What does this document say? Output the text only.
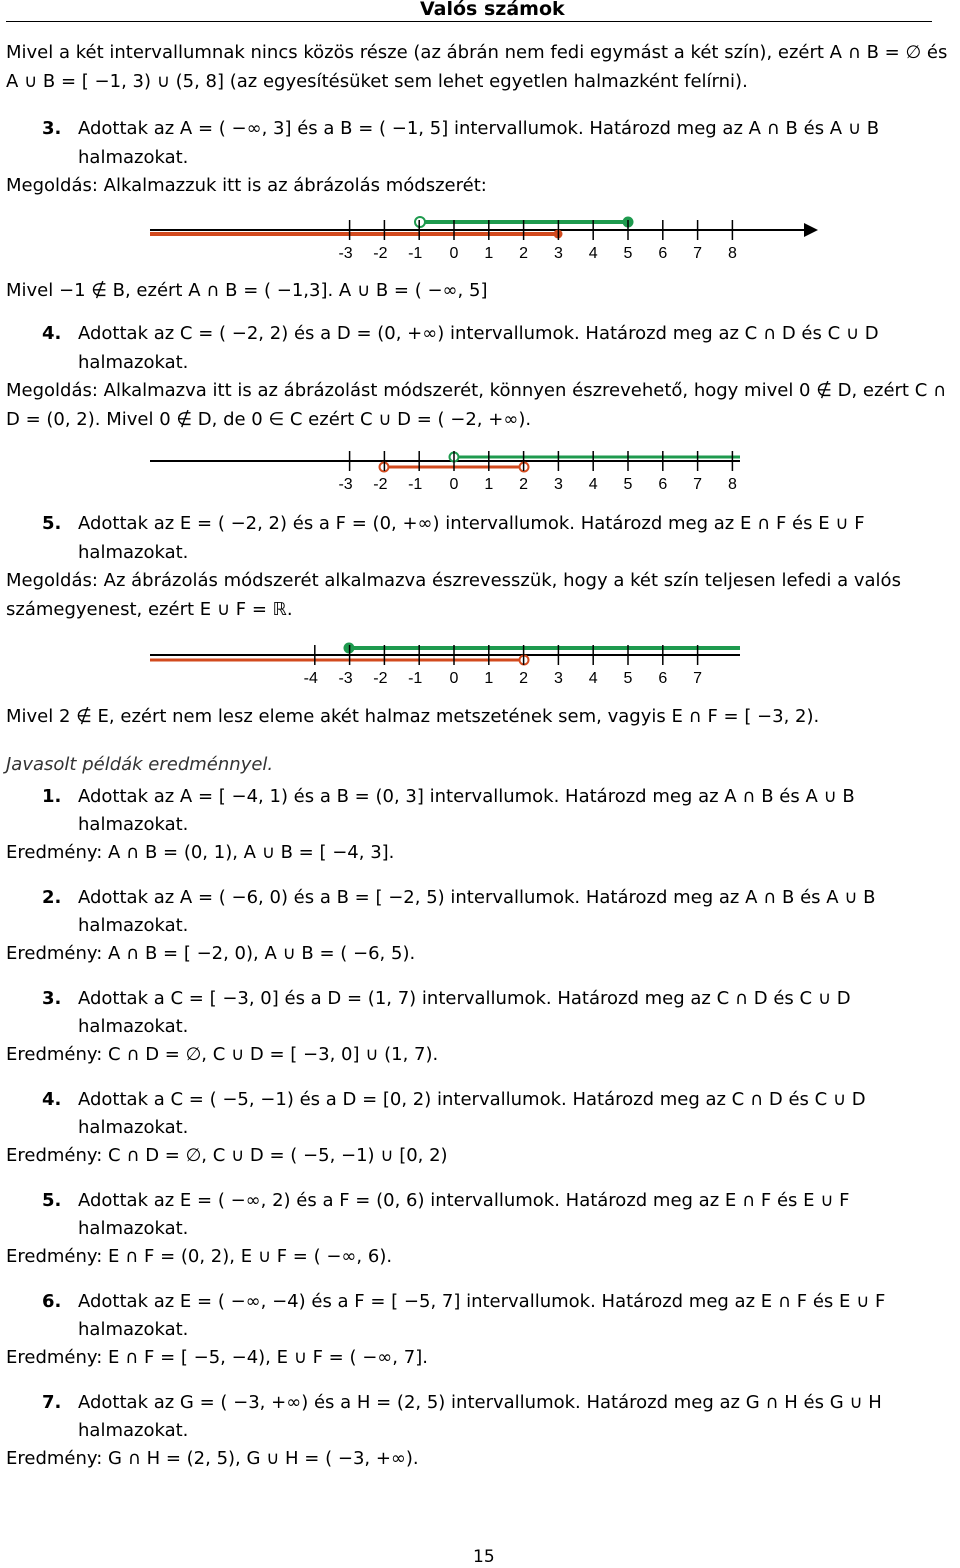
Valós számok
Mivel a két intervallumnak nincs közös része (az ábrán nem fedi egymást a két szín), ezért A ∩ B = ∅ és
A ∪ B = [ −1, 3) ∪ (5, 8] (az egyesítésüket sem lehet egyetlen halmazként felírni).
3. Adottak az A = ( −∞, 3] és a B = ( −1, 5] intervallumok. Határozd meg az A ∩ B és A ∪ B
halmazokat.
Megoldás: Alkalmazzuk itt is az ábrázolás módszerét:
-3 -2 -1 0 1 2 3 4 5 6 7 8
Mivel −1 ∉ B, ezért A ∩ B = ( −1,3]. A ∪ B = ( −∞, 5]
4. Adottak az C = ( −2, 2) és a D = (0, +∞) intervallumok. Határozd meg az C ∩ D és C ∪ D
halmazokat.
Megoldás: Alkalmazva itt is az ábrázolást módszerét, könnyen észrevehető, hogy mivel 0 ∉ D, ezért C ∩
D = (0, 2). Mivel 0 ∉ D, de 0 ∈ C ezért C ∪ D = ( −2, +∞).
-3 -2 -1 0 1 2 3 4 5 6 7 8
5. Adottak az E = ( −2, 2) és a F = (0, +∞) intervallumok. Határozd meg az E ∩ F és E ∪ F
halmazokat.
Megoldás: Az ábrázolás módszerét alkalmazva észrevesszük, hogy a két szín teljesen lefedi a valós
számegyenest, ezért E ∪ F = ℝ.
-4 -3 -2 -1 0 1 2 3 4 5 6 7
Mivel 2 ∉ E, ezért nem lesz eleme akét halmaz metszetének sem, vagyis E ∩ F = [ −3, 2).
Javasolt példák eredménnyel.
1. Adottak az A = [ −4, 1) és a B = (0, 3] intervallumok. Határozd meg az A ∩ B és A ∪ B
halmazokat.
Eredmény: A ∩ B = (0, 1), A ∪ B = [ −4, 3].
2. Adottak az A = ( −6, 0) és a B = [ −2, 5) intervallumok. Határozd meg az A ∩ B és A ∪ B
halmazokat.
Eredmény: A ∩ B = [ −2, 0), A ∪ B = ( −6, 5).
3. Adottak a C = [ −3, 0] és a D = (1, 7) intervallumok. Határozd meg az C ∩ D és C ∪ D
halmazokat.
Eredmény: C ∩ D = ∅, C ∪ D = [ −3, 0] ∪ (1, 7).
4. Adottak a C = ( −5, −1) és a D = [0, 2) intervallumok. Határozd meg az C ∩ D és C ∪ D
halmazokat.
Eredmény: C ∩ D = ∅, C ∪ D = ( −5, −1) ∪ [0, 2)
5. Adottak az E = ( −∞, 2) és a F = (0, 6) intervallumok. Határozd meg az E ∩ F és E ∪ F
halmazokat.
Eredmény: E ∩ F = (0, 2), E ∪ F = ( −∞, 6).
6. Adottak az E = ( −∞, −4) és a F = [ −5, 7] intervallumok. Határozd meg az E ∩ F és E ∪ F
halmazokat.
Eredmény: E ∩ F = [ −5, −4), E ∪ F = ( −∞, 7].
7. Adottak az G = ( −3, +∞) és a H = (2, 5) intervallumok. Határozd meg az G ∩ H és G ∪ H
halmazokat.
Eredmény: G ∩ H = (2, 5), G ∪ H = ( −3, +∞).
15
